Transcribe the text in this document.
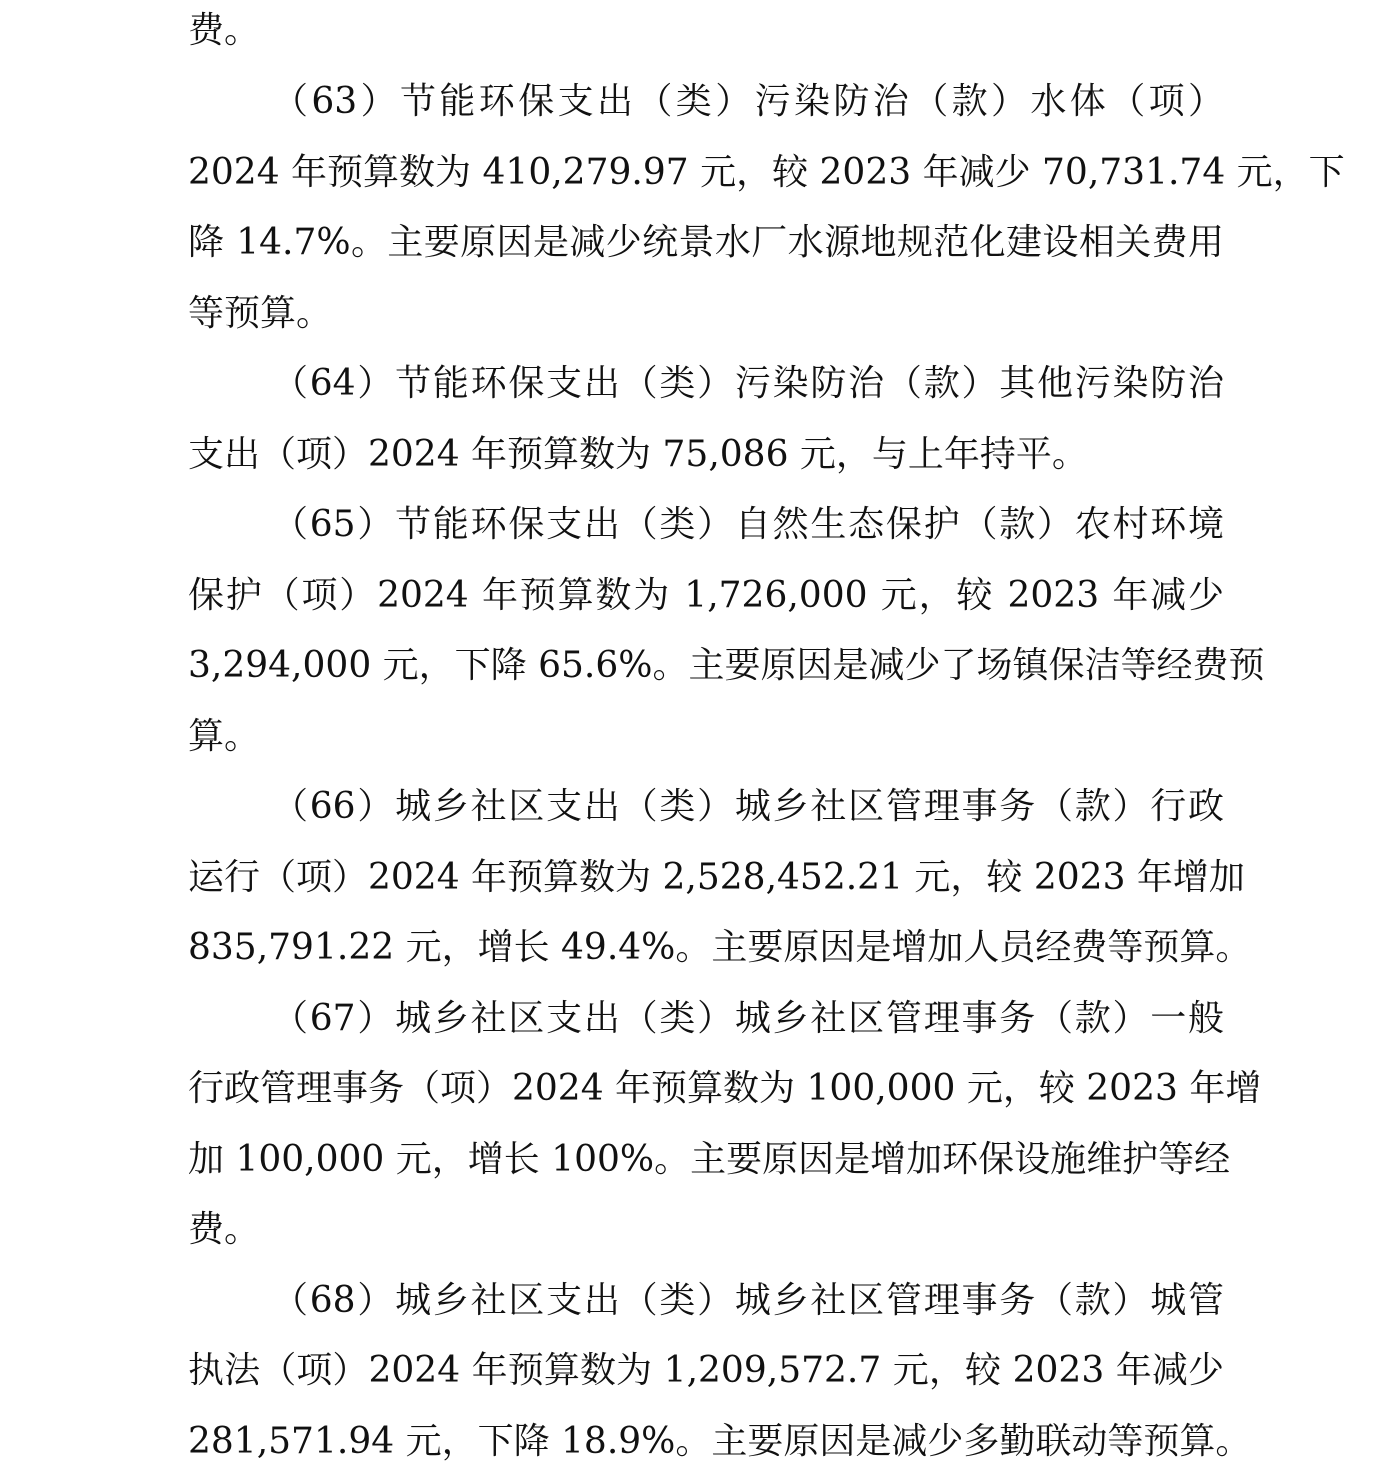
费。
（63）节能环保支出（类）污染防治（款）水体（项）
2024 年预算数为 410,279.97 元，较 2023 年减少 70,731.74 元，下
降 14.7%。主要原因是减少统景水厂水源地规范化建设相关费用
等预算。
（64）节能环保支出（类）污染防治（款）其他污染防治
支出（项）2024 年预算数为 75,086 元，与上年持平。
（65）节能环保支出（类）自然生态保护（款）农村环境
保护（项）2024 年预算数为 1,726,000 元，较 2023 年减少
3,294,000 元，下降 65.6%。主要原因是减少了场镇保洁等经费预
算。
（66）城乡社区支出（类）城乡社区管理事务（款）行政
运行（项）2024 年预算数为 2,528,452.21 元，较 2023 年增加
835,791.22 元，增长 49.4%。主要原因是增加人员经费等预算。
（67）城乡社区支出（类）城乡社区管理事务（款）一般
行政管理事务（项）2024 年预算数为 100,000 元，较 2023 年增
加 100,000 元，增长 100%。主要原因是增加环保设施维护等经
费。
（68）城乡社区支出（类）城乡社区管理事务（款）城管
执法（项）2024 年预算数为 1,209,572.7 元，较 2023 年减少
281,571.94 元，下降 18.9%。主要原因是减少多勤联动等预算。
